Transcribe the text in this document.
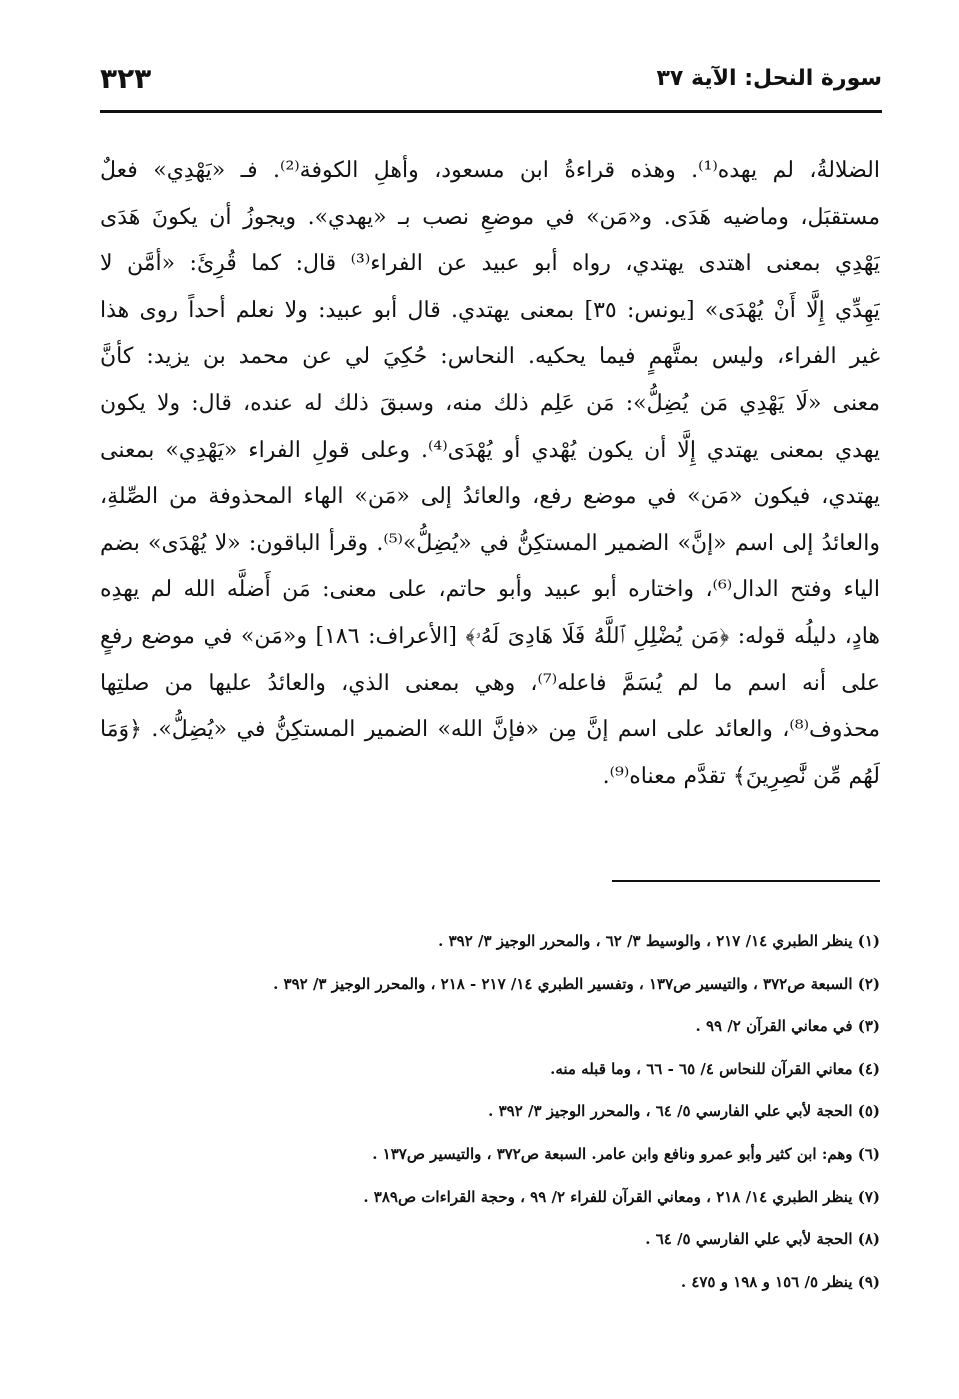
سورة النحل: الآية ٣٧
٣٢٣
الضلالةُ، لم يهده⁽¹⁾. وهذه قراءةُ ابن مسعود، وأهلِ الكوفة⁽²⁾. فـ «يَهْدِي» فعلٌ
مستقبَل، وماضيه هَدَى. و«مَن» في موضعِ نصب بـ «يهدي». ويجوزُ أن يكونَ هَدَى
يَهْدِي بمعنى اهتدى يهتدي، رواه أبو عبيد عن الفراء⁽³⁾ قال: كما قُرِئَ: «أمَّن لا
يَهِدِّي إِلَّا أَنْ يُهْدَى» [يونس: ٣٥] بمعنى يهتدي. قال أبو عبيد: ولا نعلم أحداً روى هذا
غير الفراء، وليس بمتَّهمٍ فيما يحكيه. النحاس: حُكِيَ لي عن محمد بن يزيد: كأنَّ
معنى «لَا يَهْدِي مَن يُضِلُّ»: مَن عَلِم ذلك منه، وسبقَ ذلك له عنده، قال: ولا يكون
يهدي بمعنى يهتدي إِلَّا أن يكون يُهْدي أو يُهْدَى⁽⁴⁾. وعلى قولِ الفراء «يَهْدِي» بمعنى
يهتدي، فيكون «مَن» في موضع رفع، والعائدُ إلى «مَن» الهاء المحذوفة من الصِّلةِ،
والعائدُ إلى اسم «إنَّ» الضمير المستكِنُّ في «يُضِلُّ»⁽⁵⁾. وقرأ الباقون: «لا يُهْدَى» بضم
الياء وفتح الدال⁽⁶⁾، واختاره أبو عبيد وأبو حاتم، على معنى: مَن أَضلَّه الله لم يهدِه
هادٍ، دليلُه قوله: ﴿مَن يُضْلِلِ ٱللَّهُ فَلَا هَادِىَ لَهُۥ﴾ [الأعراف: ١٨٦] و«مَن» في موضع رفعٍ
على أنه اسم ما لم يُسَمَّ فاعله⁽⁷⁾، وهي بمعنى الذي، والعائدُ عليها من صلتِها
محذوف⁽⁸⁾، والعائد على اسم إنَّ مِن «فإنَّ الله» الضمير المستكِنُّ في «يُضِلُّ». ﴿وَمَا
لَهُم مِّن نَّٰصِرِينَ﴾ تقدَّم معناه⁽⁹⁾.
(١) ينظر الطبري ١٤/ ٢١٧ ، والوسيط ٣/ ٦٢ ، والمحرر الوجيز ٣/ ٣٩٢ .
(٢) السبعة ص٣٧٢ ، والتيسير ص١٣٧ ، وتفسير الطبري ١٤/ ٢١٧ - ٢١٨ ، والمحرر الوجيز ٣/ ٣٩٢ .
(٣) في معاني القرآن ٢/ ٩٩ .
(٤) معاني القرآن للنحاس ٤/ ٦٥ - ٦٦ ، وما قبله منه.
(٥) الحجة لأبي علي الفارسي ٥/ ٦٤ ، والمحرر الوجيز ٣/ ٣٩٢ .
(٦) وهم: ابن كثير وأبو عمرو ونافع وابن عامر. السبعة ص٣٧٢ ، والتيسير ص١٣٧ .
(٧) ينظر الطبري ١٤/ ٢١٨ ، ومعاني القرآن للفراء ٢/ ٩٩ ، وحجة القراءات ص٣٨٩ .
(٨) الحجة لأبي علي الفارسي ٥/ ٦٤ .
(٩) ينظر ٥/ ١٥٦ و ١٩٨ و ٤٧٥ .
